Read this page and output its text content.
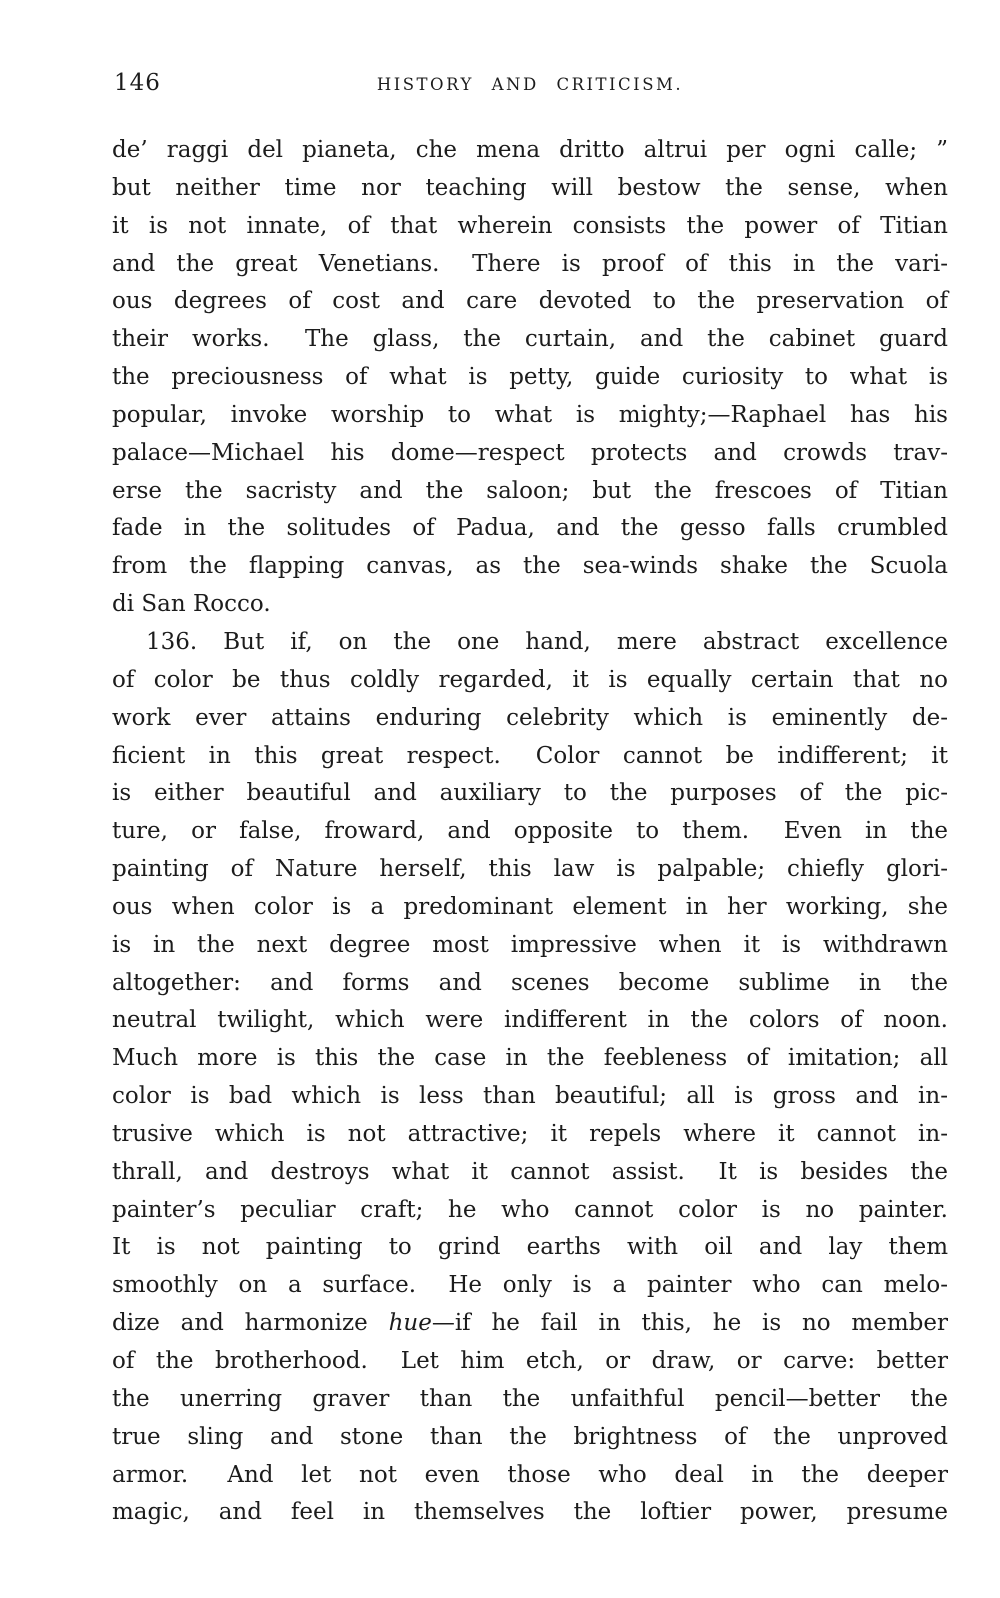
146	HISTORY AND CRITICISM.
de’ raggi del pianeta, che mena dritto altrui per ogni calle; ”
but neither time nor teaching will bestow the sense, when
it is not innate, of that wherein consists the power of Titian
and the great Venetians.  There is proof of this in the vari-
ous degrees of cost and care devoted to the preservation of
their works.  The glass, the curtain, and the cabinet guard
the preciousness of what is petty, guide curiosity to what is
popular, invoke worship to what is mighty;—Raphael has his
palace—Michael his dome—respect protects and crowds trav-
erse the sacristy and the saloon; but the frescoes of Titian
fade in the solitudes of Padua, and the gesso falls crumbled
from the flapping canvas, as the sea-winds shake the Scuola
di San Rocco.
136. But if, on the one hand, mere abstract excellence
of color be thus coldly regarded, it is equally certain that no
work ever attains enduring celebrity which is eminently de-
ficient in this great respect.  Color cannot be indifferent; it
is either beautiful and auxiliary to the purposes of the pic-
ture, or false, froward, and opposite to them.  Even in the
painting of Nature herself, this law is palpable; chiefly glori-
ous when color is a predominant element in her working, she
is in the next degree most impressive when it is withdrawn
altogether: and forms and scenes become sublime in the
neutral twilight, which were indifferent in the colors of noon.
Much more is this the case in the feebleness of imitation; all
color is bad which is less than beautiful; all is gross and in-
trusive which is not attractive; it repels where it cannot in-
thrall, and destroys what it cannot assist.  It is besides the
painter’s peculiar craft; he who cannot color is no painter.
It is not painting to grind earths with oil and lay them
smoothly on a surface.  He only is a painter who can melo-
dize and harmonize hue—if he fail in this, he is no member
of the brotherhood.  Let him etch, or draw, or carve: better
the unerring graver than the unfaithful pencil—better the
true sling and stone than the brightness of the unproved
armor.  And let not even those who deal in the deeper
magic, and feel in themselves the loftier power, presume
